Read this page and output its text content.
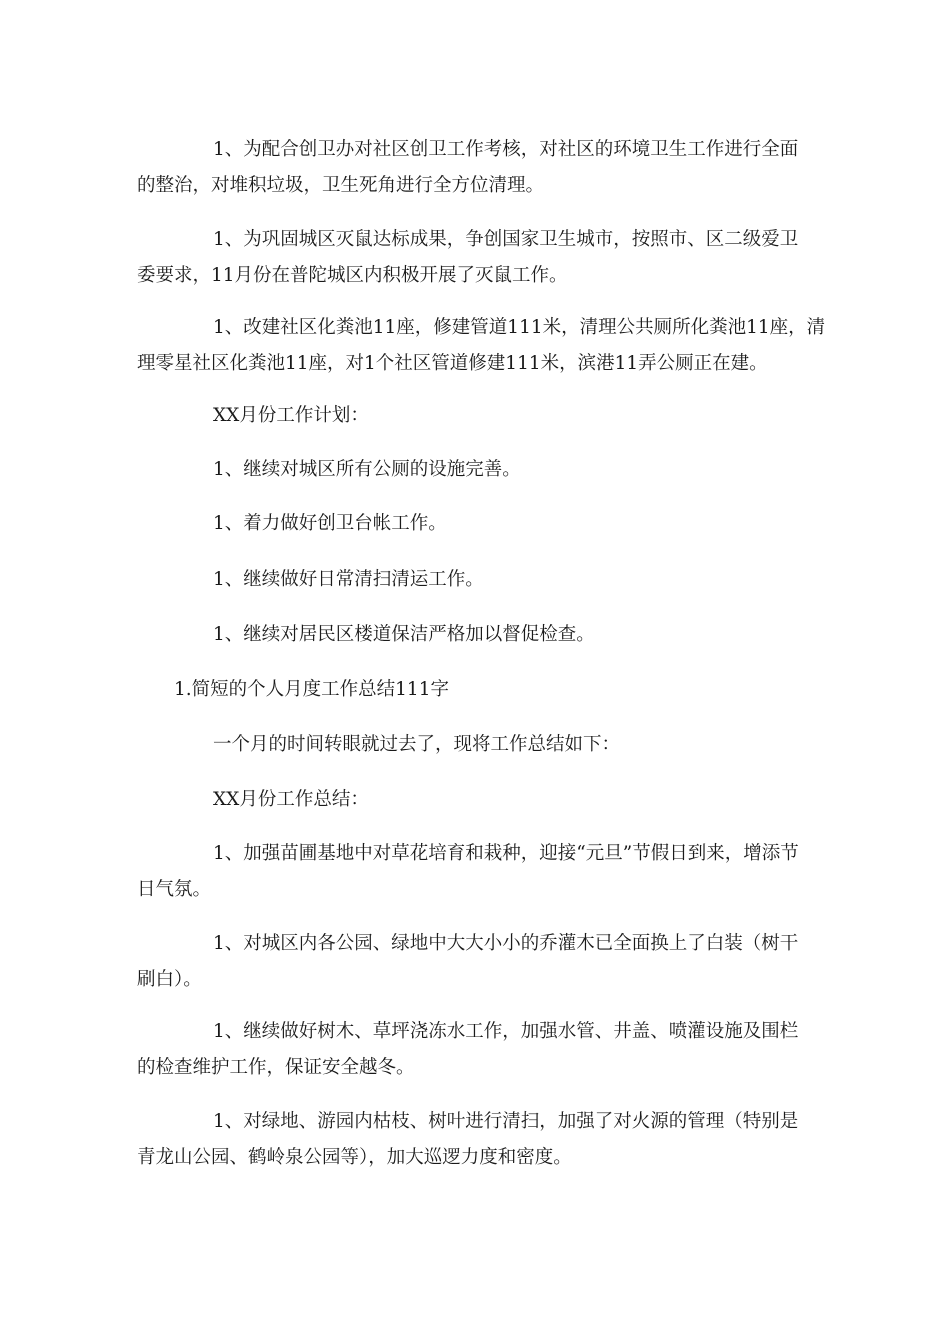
1、为配合创卫办对社区创卫工作考核，对社区的环境卫生工作进行全面的整治，对堆积垃圾，卫生死角进行全方位清理。

1、为巩固城区灭鼠达标成果，争创国家卫生城市，按照市、区二级爱卫委要求，11月份在普陀城区内积极开展了灭鼠工作。

1、改建社区化粪池11座，修建管道111米，清理公共厕所化粪池11座，清理零星社区化粪池11座，对1个社区管道修建111米，滨港11弄公厕正在建。

XX月份工作计划：

1、继续对城区所有公厕的设施完善。

1、着力做好创卫台帐工作。

1、继续做好日常清扫清运工作。

1、继续对居民区楼道保洁严格加以督促检查。

1.简短的个人月度工作总结111字

一个月的时间转眼就过去了，现将工作总结如下：

XX月份工作总结：

1、加强苗圃基地中对草花培育和栽种，迎接“元旦”节假日到来，增添节日气氛。

1、对城区内各公园、绿地中大大小小的乔灌木已全面换上了白装（树干刷白）。

1、继续做好树木、草坪浇冻水工作，加强水管、井盖、喷灌设施及围栏的检查维护工作，保证安全越冬。

1、对绿地、游园内枯枝、树叶进行清扫，加强了对火源的管理（特别是青龙山公园、鹤岭泉公园等），加大巡逻力度和密度。
